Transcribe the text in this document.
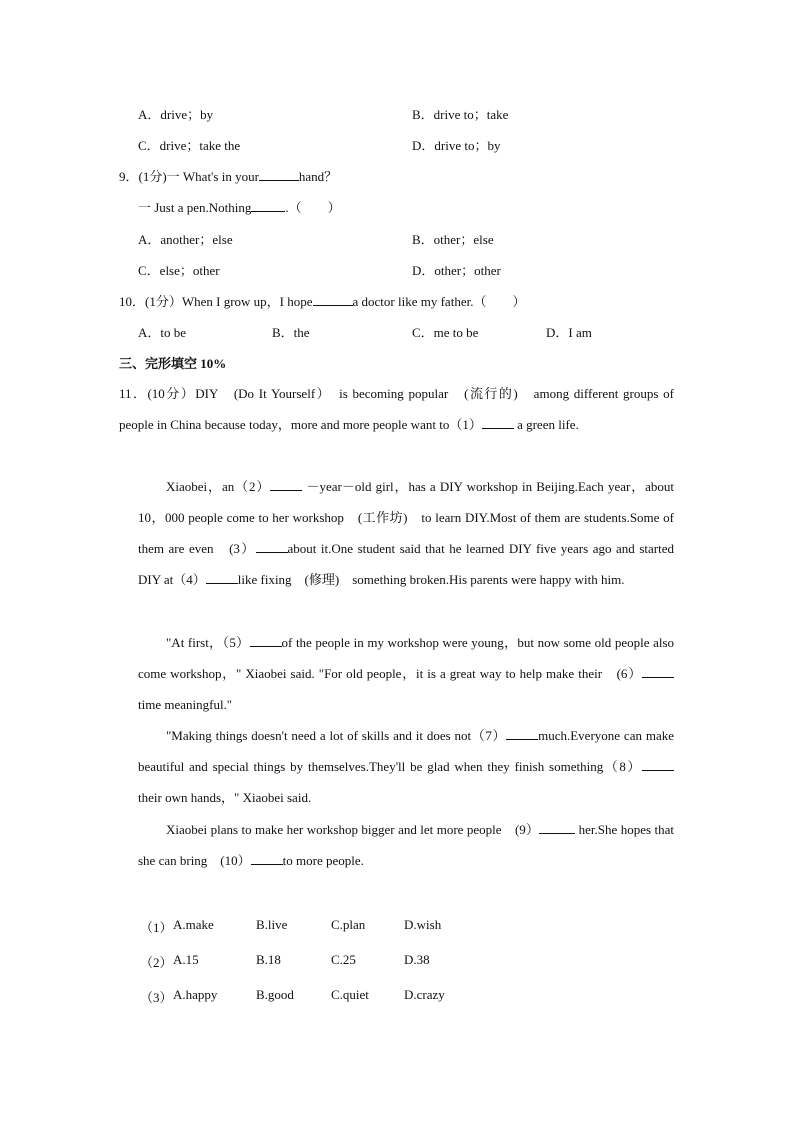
A．drive；by	B．drive to；take
C．drive；take the	D．drive to；by
9．(1分)一 What's in your	hand？
一 Just a pen.Nothing	.（　　）
A．another；else	B．other；else
C．else；other	D．other；other
10．(1分）When I grow up，I hope	a doctor like my father.（　　）
A．to be	B．the	C．me to be	D．I am
三、完形填空 10%
11．(10分）DIY　(Do It Yourself）　is becoming popular　(流行的)　among different groups of people in China because today，more and more people want to（1）	a green life.
Xiaobei，an（2）	－year－old girl，has a DIY workshop in Beijing.Each year，about 10，000 people come to her workshop　(工作坊)　to learn DIY.Most of them are students.Some of them are even　(3） about it.One student said that he learned DIY five years ago and started DIY at（4） like fixing　(修理)　something broken.His parents were happy with him.
"At first，（5） of the people in my workshop were young，but now some old people also come workshop，" Xiaobei said. "For old people，it is a great way to help make their　(6）time meaningful."
"Making things doesn't need a lot of skills and it does not（7） much.Everyone can make beautiful and special things by themselves.They'll be glad when they finish something（8）their own hands，" Xiaobei said.
Xiaobei plans to make her workshop bigger and let more people　(9）	her.She hopes that she can bring　(10） to more people.
（1） A.make	B.live	C.plan	D.wish
（2） A.15	B.18	C.25	D.38
（3） A.happy	B.good	C.quiet	D.crazy
